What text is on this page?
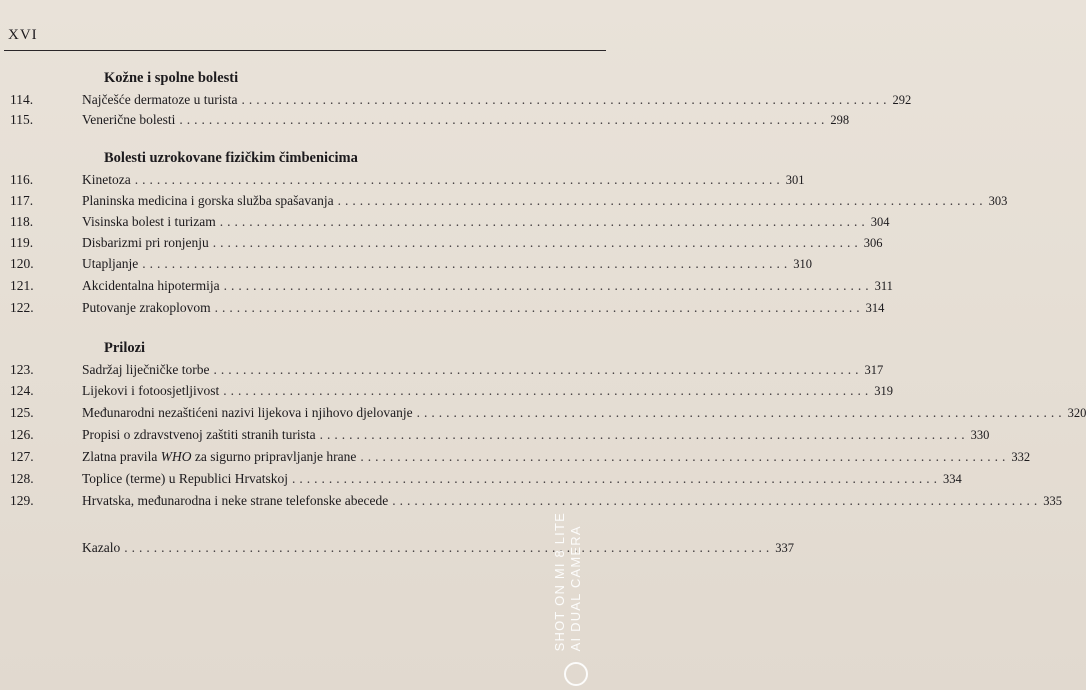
XVI
Kožne i spolne bolesti
114.	Najčešće dermatoze u turista ........................................................................................ 292
115.	Venerične bolesti ........................................................................................ 298
Bolesti uzrokovane fizičkim čimbenicima
116.	Kinetoza ........................................................................................ 301
117.	Planinska medicina i gorska služba spašavanja ........................................................................................ 303
118.	Visinska bolest i turizam ........................................................................................ 304
119.	Disbarizmi pri ronjenju ........................................................................................ 306
120.	Utapljanje ........................................................................................ 310
121.	Akcidentalna hipotermija ........................................................................................ 311
122.	Putovanje zrakoplovom ........................................................................................ 314
Prilozi
123.	Sadržaj liječničke torbe ........................................................................................ 317
124.	Lijekovi i fotoosjetljivost ........................................................................................ 319
125.	Međunarodni nezaštićeni nazivi lijekova i njihovo djelovanje ........................................................................................ 320
126.	Propisi o zdravstvenoj zaštiti stranih turista ........................................................................................ 330
127.	Zlatna pravila WHO za sigurno pripravljanje hrane ........................................................................................ 332
128.	Toplice (terme) u Republici Hrvatskoj ........................................................................................ 334
129.	Hrvatska, međunarodna i neke strane telefonske abecede ........................................................................................ 335
Kazalo ........................................................................................ 337
SHOT ON MI 8 LITE AI DUAL CAMERA
